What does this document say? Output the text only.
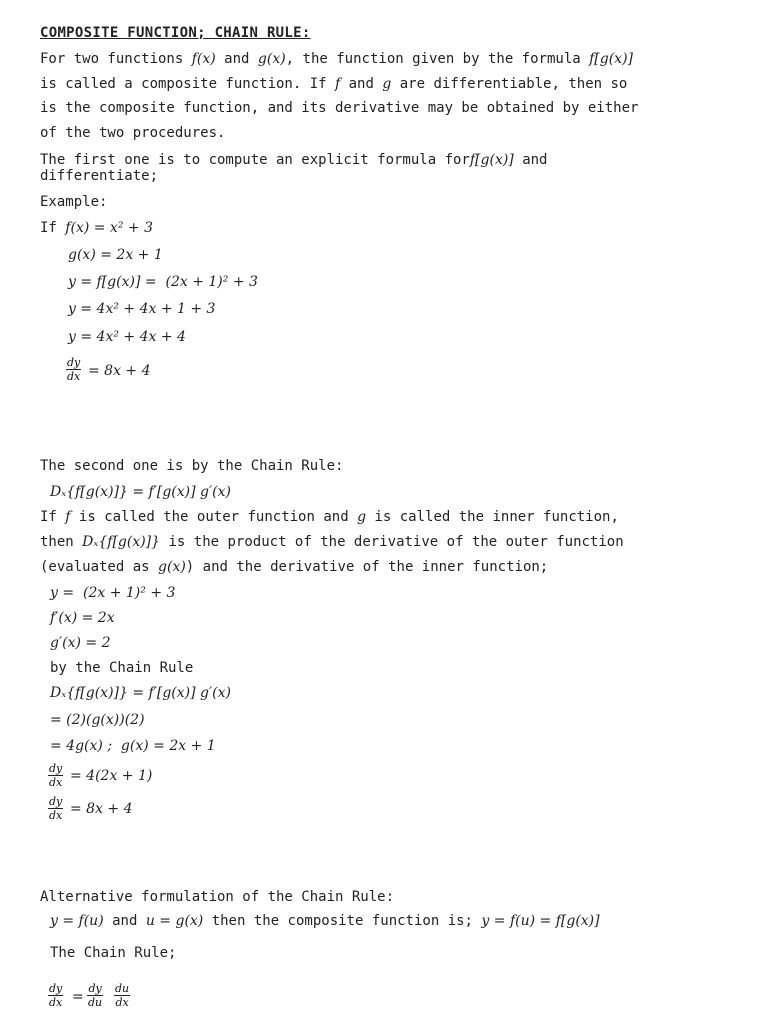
COMPOSITE FUNCTION; CHAIN RULE:
For two functions f(x) and g(x), the function given by the formula f[g(x)]
is called a composite function. If f and g are differentiable, then so
is the composite function, and its derivative may be obtained by either
of the two procedures.
The first one is to compute an explicit formula forf[g(x)] and
differentiate;
Example:
If f(x) = x² + 3
g(x) = 2x + 1
y = f[g(x)] =  (2x + 1)² + 3
y = 4x² + 4x + 1 + 3
y = 4x² + 4x + 4
$\frac{dy}{dx} = 8x + 4$
The second one is by the Chain Rule:
Dₓ{f[g(x)]} = f′[g(x)] g′(x)
If f is called the outer function and g is called the inner function,
then Dₓ{f[g(x)]} is the product of the derivative of the outer function
(evaluated as g(x)) and the derivative of the inner function;
y =  (2x + 1)² + 3
f′(x) = 2x
g′(x) = 2
by the Chain Rule
Dₓ{f[g(x)]} = f′[g(x)] g′(x)
= (2)(g(x))(2)
= 4g(x) ;  g(x) = 2x + 1
$\frac{dy}{dx} = 4(2x + 1)$
$\frac{dy}{dx} = 8x + 4$
Alternative formulation of the Chain Rule:
y = f(u) and u = g(x) then the composite function is; y = f(u) = f[g(x)]
The Chain Rule;
$\frac{dy}{dx} = \frac{dy}{du} \frac{du}{dx}$
